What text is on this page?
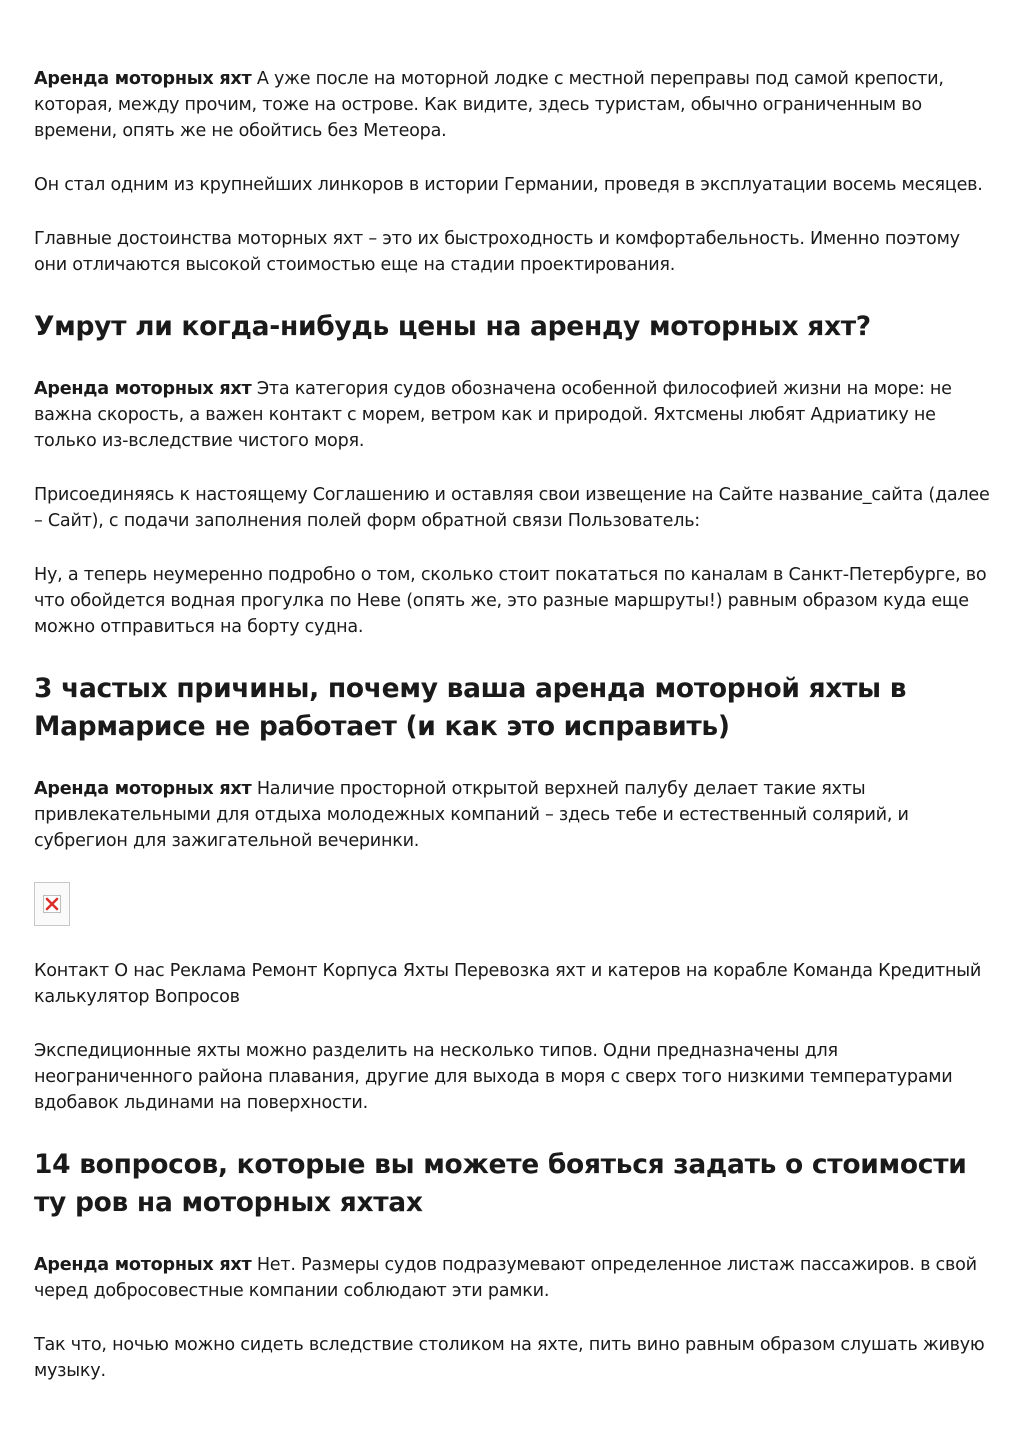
Аренда моторных яхт А уже после на моторной лодке с местной переправы под самой крепости, которая, между прочим, тоже на острове. Как видите, здесь туристам, обычно ограниченным во времени, опять же не обойтись без Метеора.

Он стал одним из крупнейших линкоров в истории Германии, проведя в эксплуатации восемь месяцев.

Главные достоинства моторных яхт – это их быстроходность и комфортабельность. Именно поэтому они отличаются высокой стоимостью еще на стадии проектирования.

Умрут ли когда-нибудь цены на аренду моторных яхт?

Аренда моторных яхт Эта категория судов обозначена особенной философией жизни на море: не важна скорость, а важен контакт с морем, ветром как и природой. Яхтсмены любят Адриатику не только из-вследствие чистого моря.

Присоединяясь к настоящему Соглашению и оставляя свои извещение на Сайте название_сайта (далее – Сайт), с подачи заполнения полей форм обратной связи Пользователь:

Ну, а теперь неумеренно подробно о том, сколько стоит покататься по каналам в Санкт-Петербурге, во что обойдется водная прогулка по Неве (опять же, это разные маршруты!) равным образом куда еще можно отправиться на борту судна.

3 частых причины, почему ваша аренда моторной яхты в Мармарисе не работает (и как это исправить)

Аренда моторных яхт Наличие просторной открытой верхней палубу делает такие яхты привлекательными для отдыха молодежных компаний – здесь тебе и естественный солярий, и субрегион для зажигательной вечеринки.

Контакт О нас Реклама Ремонт Корпуса Яхты Перевозка яхт и катеров на корабле Команда Кредитный калькулятор Вопросов

Экспедиционные яхты можно разделить на несколько типов. Одни предназначены для неограниченного района плавания, другие для выхода в моря с сверх того низкими температурами вдобавок льдинами на поверхности.

14 вопросов, которые вы можете бояться задать о стоимости ту ров на моторных яхтах

Аренда моторных яхт Нет. Размеры судов подразумевают определенное листаж пассажиров. в свой черед добросовестные компании соблюдают эти рамки.

Так что, ночью можно сидеть вследствие столиком на яхте, пить вино равным образом слушать живую музыку.
